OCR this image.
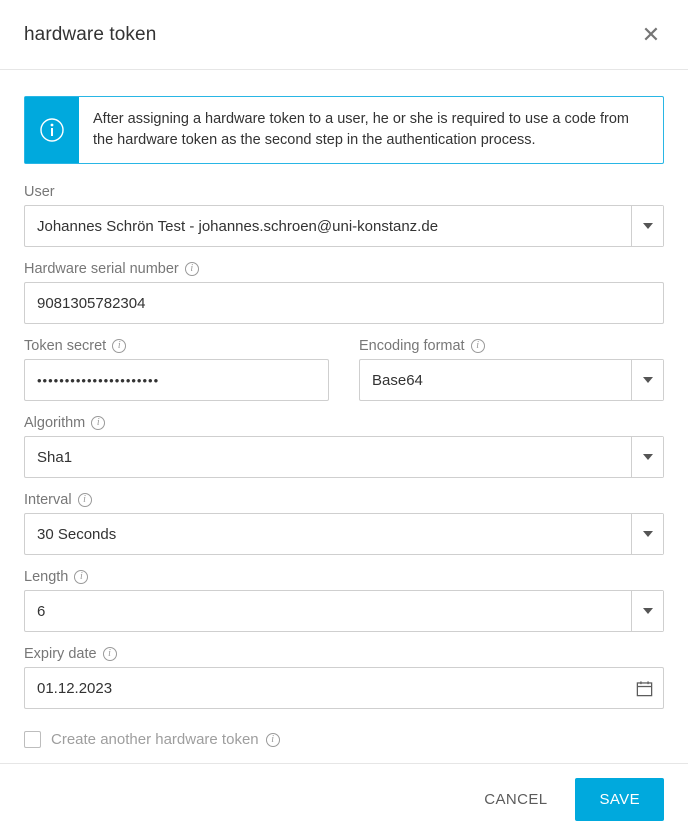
hardware token	✕
After assigning a hardware token to a user, he or she is required to use a code from the hardware token as the second step in the authentication process.
User
Johannes Schrön Test - johannes.schroen@uni-konstanz.de
Hardware serial number	i
9081305782304
Token secret	i
••••••••••••••••••••••
Encoding format	i
Base64
Algorithm	i
Sha1
Interval	i
30 Seconds
Length	i
6
Expiry date	i
01.12.2023
Create another hardware token	i
CANCEL	SAVE
